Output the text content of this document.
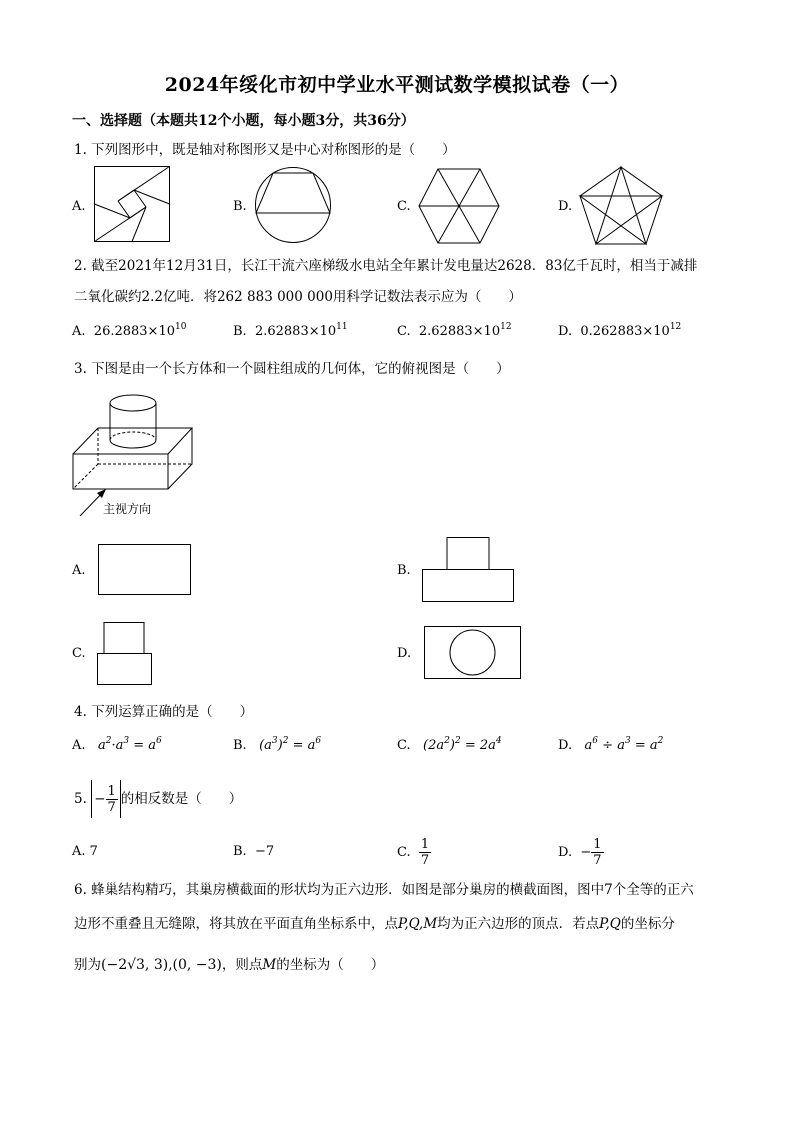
2024年绥化市初中学业水平测试数学模拟试卷（一）
一、选择题（本题共12个小题，每小题3分，共36分）
1. 下列图形中，既是轴对称图形又是中心对称图形的是（　　）
A.	B.	C.	D.
2. 截至2021年12月31日，长江干流六座梯级水电站全年累计发电量达2628．83亿千瓦时，相当于减排
二氧化碳约2.2亿吨．将262 883 000 000用科学记数法表示应为（　　）
A. $26.2883\times 10^{10}$	B. $2.62883\times 10^{11}$	C. $2.62883\times 10^{12}$	D. $0.262883\times 10^{12}$
3. 下图是由一个长方体和一个圆柱组成的几何体，它的俯视图是（　　）
主视方向
A.	B.
C.	D.
4. 下列运算正确的是（　　）
A. $a^2\cdot a^3 = a^6$	B. $(a^3)^2 = a^6$	C. $(2a^2)^2 = 2a^4$	D. $a^6 \div a^3 = a^2$
5.
− $\frac{1}{7}$ 的相反数是（　　）
A. 7	B. −7	C.
$\frac{1}{7}$	D.
− $\frac{1}{7}$
6. 蜂巢结构精巧，其巢房横截面的形状均为正六边形．如图是部分巢房的横截面图，图中7个全等的正六
边形不重叠且无缝隙，将其放在平面直角坐标系中，点P,Q,M均为正六边形的顶点．若点P,Q的坐标分
别为(−2√3, 3),(0, −3)，则点M的坐标为（　　）
